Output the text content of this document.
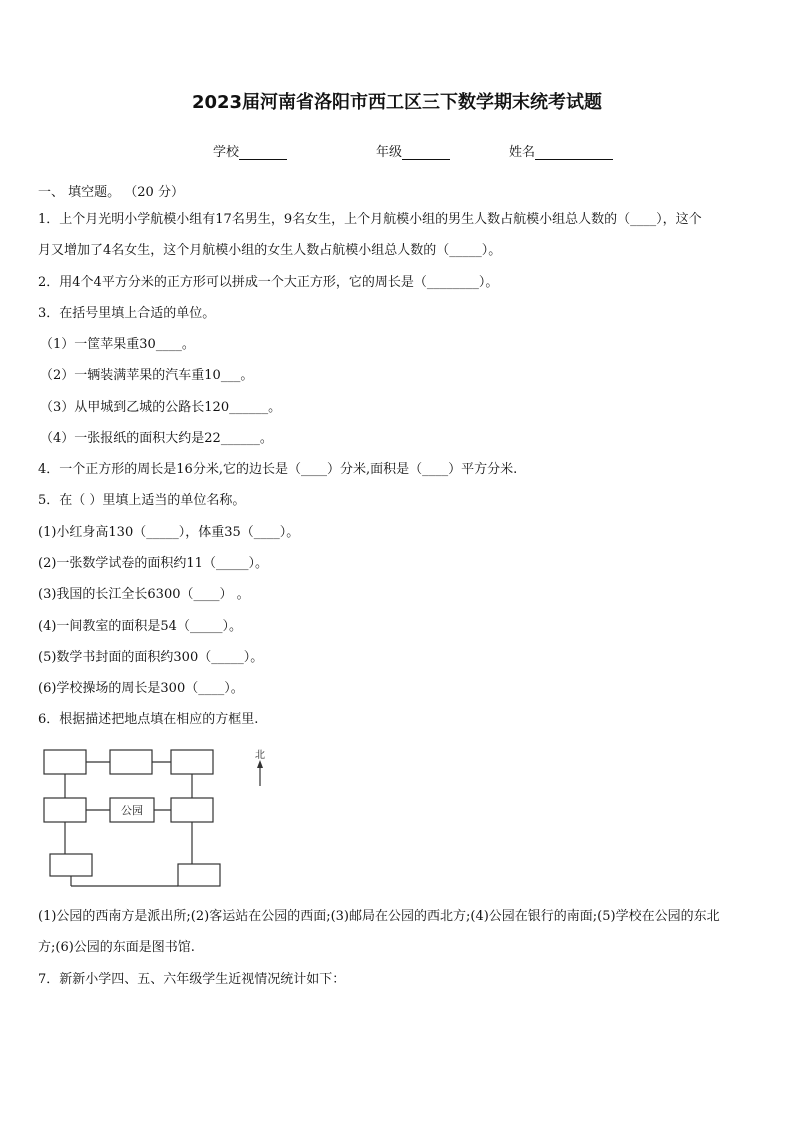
2023届河南省洛阳市西工区三下数学期末统考试题
学校	年级	姓名
一、 填空题。 （20 分）
1．上个月光明小学航模小组有17名男生，9名女生，上个月航模小组的男生人数占航模小组总人数的（____），这个
月又增加了4名女生，这个月航模小组的女生人数占航模小组总人数的（_____）。
2．用4个4平方分米的正方形可以拼成一个大正方形，它的周长是（________）。
3．在括号里填上合适的单位。
（1）一筐苹果重30____。
（2）一辆装满苹果的汽车重10___。
（3）从甲城到乙城的公路长120______。
（4）一张报纸的面积大约是22______。
4．一个正方形的周长是16分米,它的边长是（____）分米,面积是（____）平方分米.
5．在（ ）里填上适当的单位名称。
(1)小红身高130（_____），体重35（____）。
(2)一张数学试卷的面积约11（_____）。
(3)我国的长江全长6300（____） 。
(4)一间教室的面积是54（_____）。
(5)数学书封面的面积约300（_____）。
(6)学校操场的周长是300（____）。
6．根据描述把地点填在相应的方框里.
公园
北
(1)公园的西南方是派出所;(2)客运站在公园的西面;(3)邮局在公园的西北方;(4)公园在银行的南面;(5)学校在公园的东北
方;(6)公园的东面是图书馆.
7．新新小学四、五、六年级学生近视情况统计如下：
